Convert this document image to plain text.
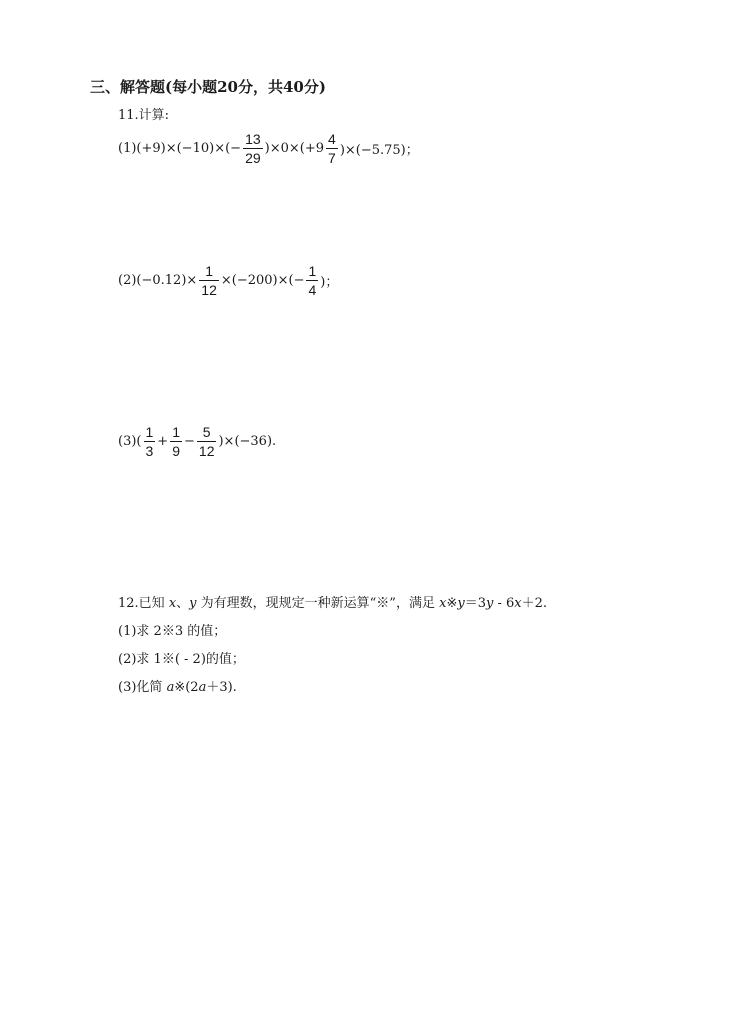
三、解答题(每小题20分，共40分)
11.计算:
$(1)(+9)\times(-10)\times(- \frac{13}{29} )\times 0\times(+9 \frac{4}{7} )\times(-5.75)$；
$(2)(-0.12)\times \frac{1}{12} \times(-200)\times(- \frac{1}{4}$ )；
$(3)( \frac{1}{3} + \frac{1}{9} - \frac{5}{12} )\times(-36)$.
12.已知 x、y 为有理数，现规定一种新运算“※”，满足 x※y＝3y - 6x＋2.
(1)求 2※3 的值；
(2)求 1※( - 2)的值；
(3)化简 a※(2a＋3).
